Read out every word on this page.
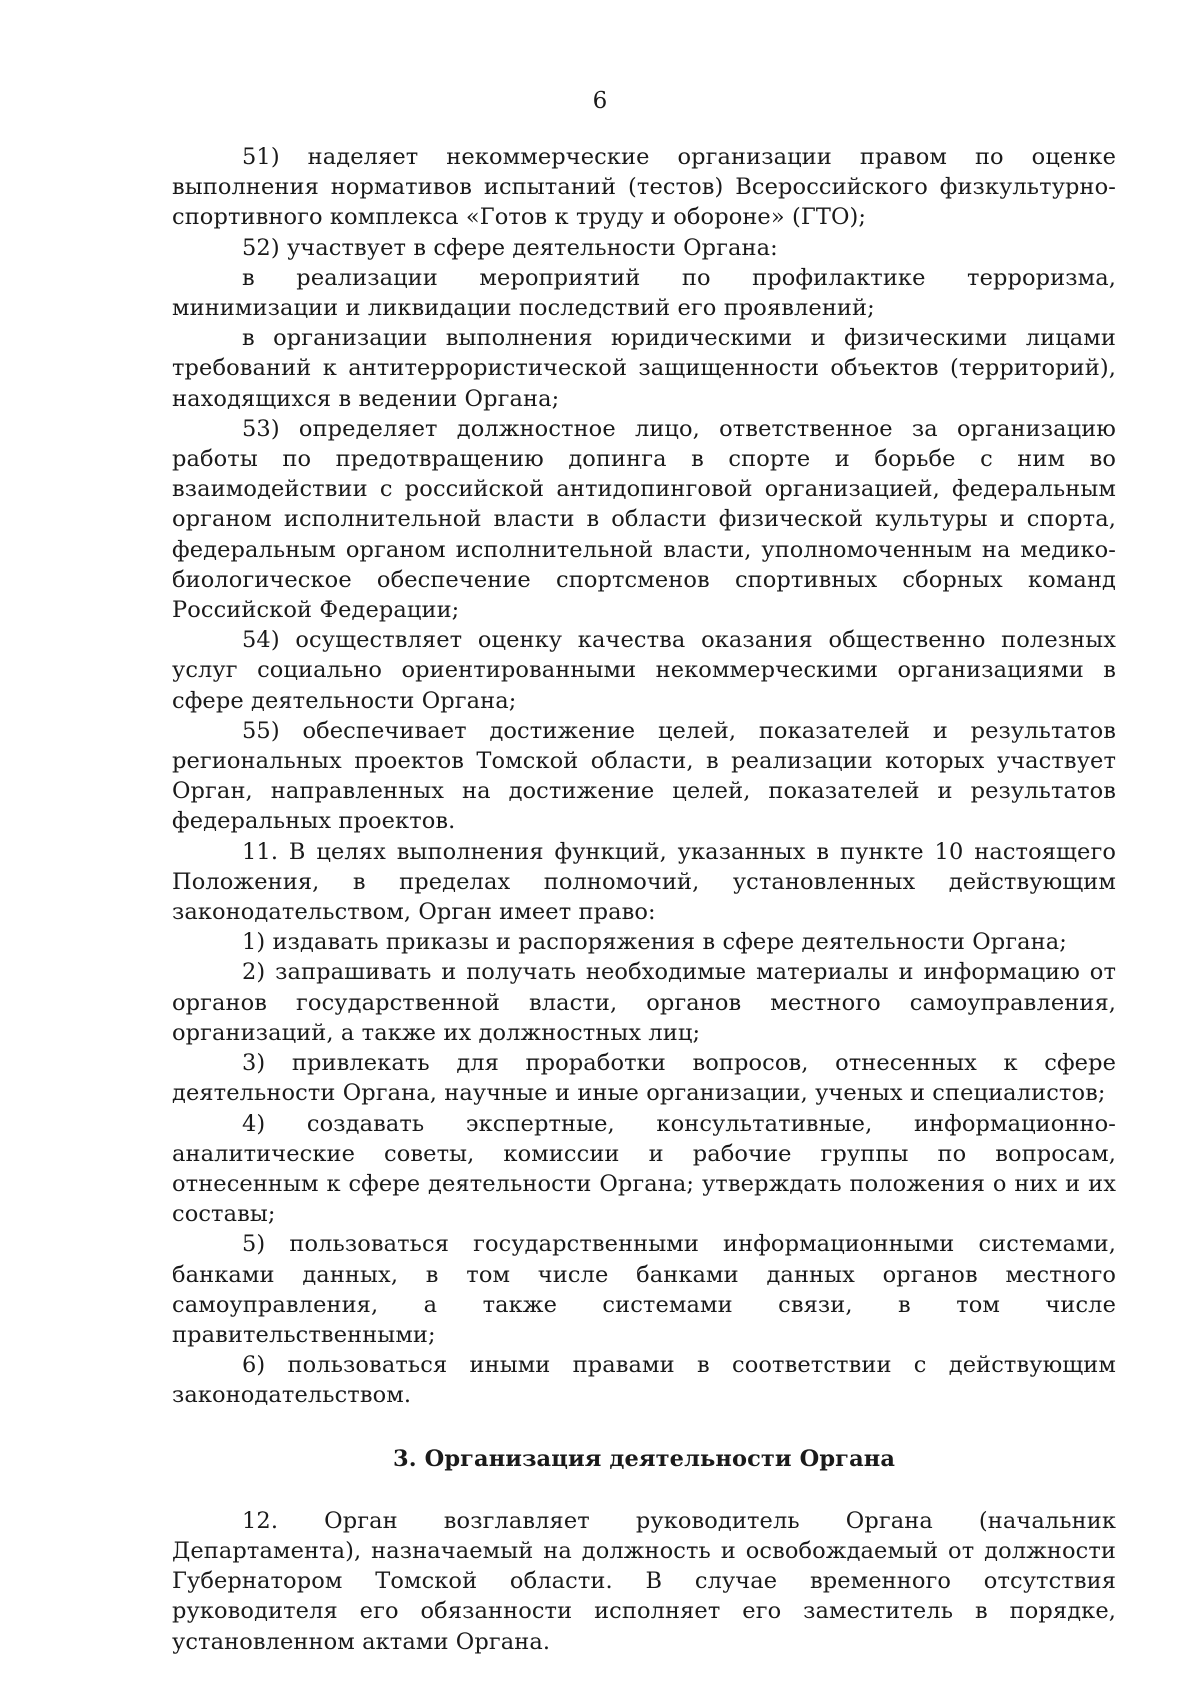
6

51) наделяет некоммерческие организации правом по оценке выполнения нормативов испытаний (тестов) Всероссийского физкультурно-спортивного комплекса «Готов к труду и обороне» (ГТО);

52) участвует в сфере деятельности Органа:

в реализации мероприятий по профилактике терроризма, минимизации и ликвидации последствий его проявлений;

в организации выполнения юридическими и физическими лицами требований к антитеррористической защищенности объектов (территорий), находящихся в ведении Органа;

53) определяет должностное лицо, ответственное за организацию работы по предотвращению допинга в спорте и борьбе с ним во взаимодействии с российской антидопинговой организацией, федеральным органом исполнительной власти в области физической культуры и спорта, федеральным органом исполнительной власти, уполномоченным на медико-биологическое обеспечение спортсменов спортивных сборных команд Российской Федерации;

54) осуществляет оценку качества оказания общественно полезных услуг социально ориентированными некоммерческими организациями в сфере деятельности Органа;

55) обеспечивает достижение целей, показателей и результатов региональных проектов Томской области, в реализации которых участвует Орган, направленных на достижение целей, показателей и результатов федеральных проектов.

11. В целях выполнения функций, указанных в пункте 10 настоящего Положения, в пределах полномочий, установленных действующим законодательством, Орган имеет право:

1) издавать приказы и распоряжения в сфере деятельности Органа;

2) запрашивать и получать необходимые материалы и информацию от органов государственной власти, органов местного самоуправления, организаций, а также их должностных лиц;

3) привлекать для проработки вопросов, отнесенных к сфере деятельности Органа, научные и иные организации, ученых и специалистов;

4) создавать экспертные, консультативные, информационно-аналитические советы, комиссии и рабочие группы по вопросам, отнесенным к сфере деятельности Органа; утверждать положения о них и их составы;

5) пользоваться государственными информационными системами, банками данных, в том числе банками данных органов местного самоуправления, а также системами связи, в том числе правительственными;

6) пользоваться иными правами в соответствии с действующим законодательством.

3. Организация деятельности Органа

12. Орган возглавляет руководитель Органа (начальник Департамента), назначаемый на должность и освобождаемый от должности Губернатором Томской области. В случае временного отсутствия руководителя его обязанности исполняет его заместитель в порядке, установленном актами Органа.
